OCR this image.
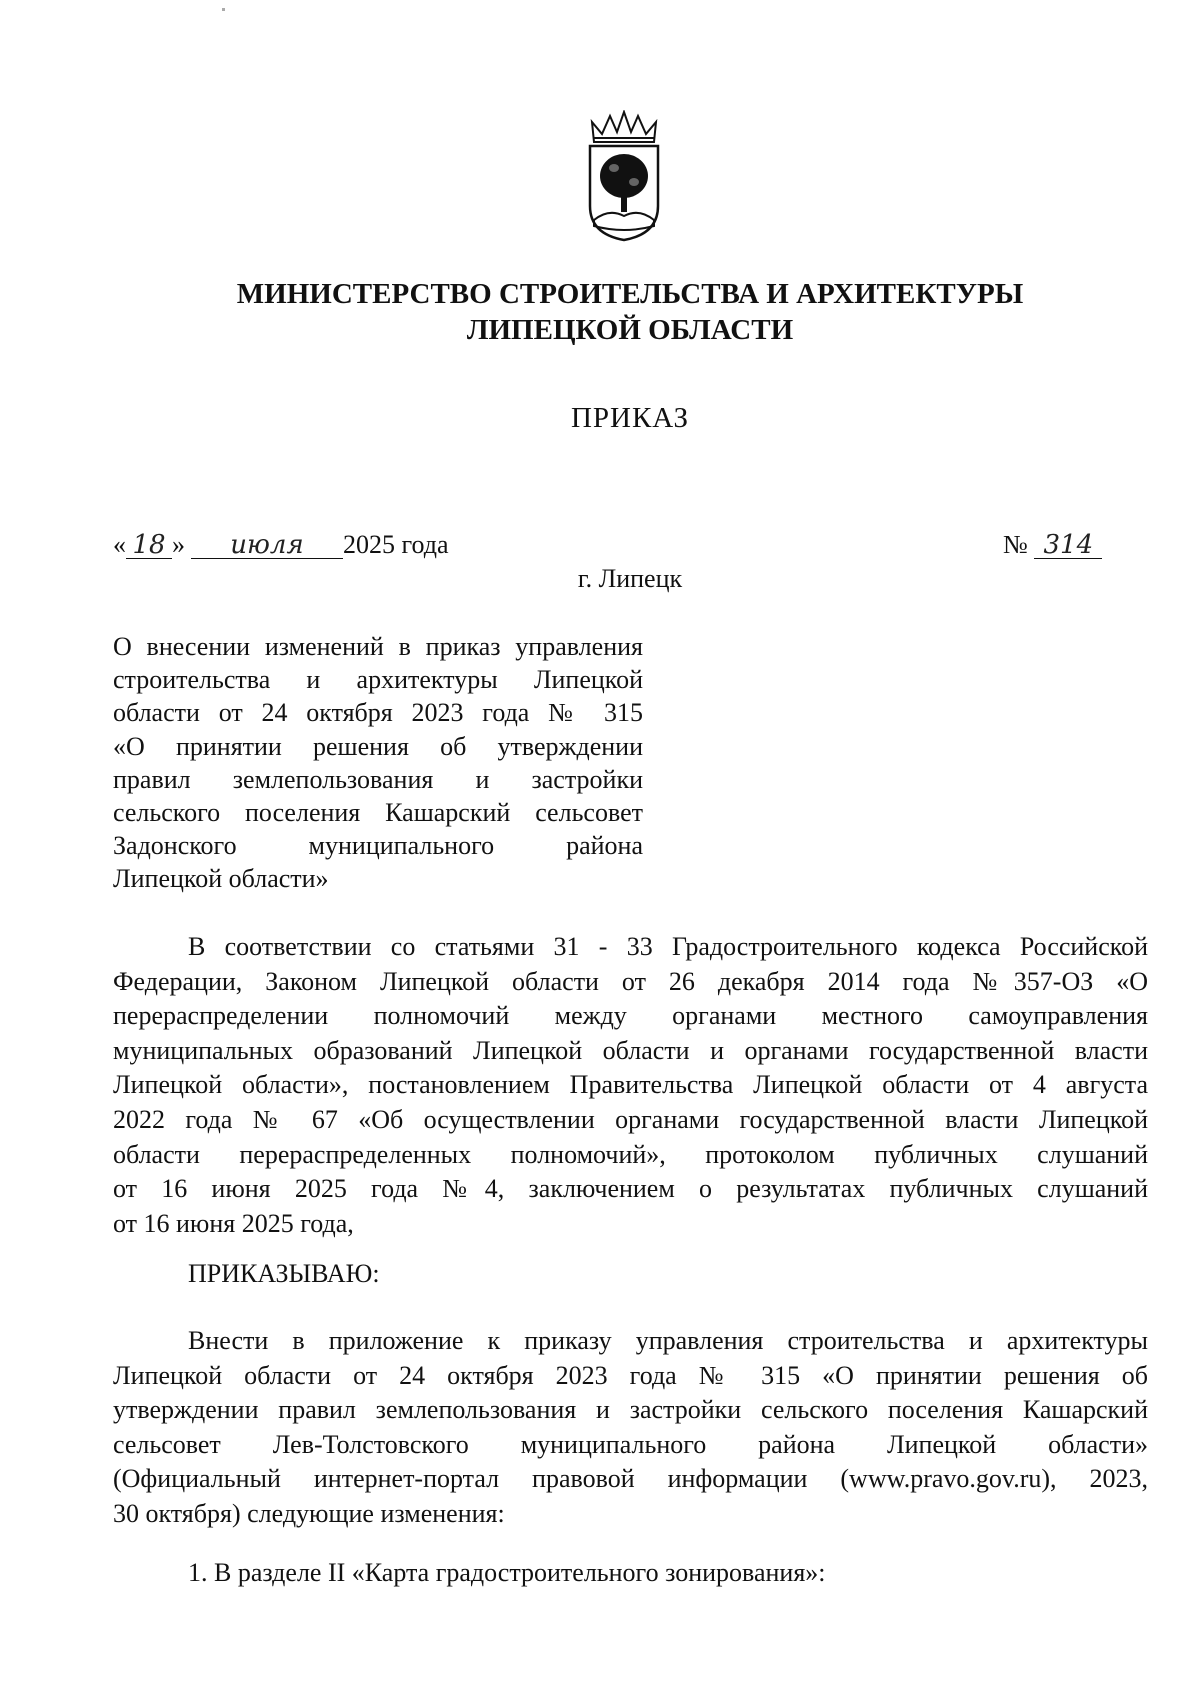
МИНИСТЕРСТВО СТРОИТЕЛЬСТВА И АРХИТЕКТУРЫ
ЛИПЕЦКОЙ ОБЛАСТИ
ПРИКАЗ
« 18 » июля 2025 года	№ 314
г. Липецк
О внесении изменений в приказ управления
строительства и архитектуры Липецкой
области от 24 октября 2023 года № 315
«О принятии решения об утверждении
правил землепользования и застройки
сельского поселения Кашарский сельсовет
Задонского муниципального района
Липецкой области»
В соответствии со статьями 31 - 33 Градостроительного кодекса Российской
Федерации, Законом Липецкой области от 26 декабря 2014 года №357-ОЗ «О
перераспределении полномочий между органами местного самоуправления
муниципальных образований Липецкой области и органами государственной власти
Липецкой области», постановлением Правительства Липецкой области от 4 августа
2022 года № 67 «Об осуществлении органами государственной власти Липецкой
области перераспределенных полномочий», протоколом публичных слушаний
от 16 июня 2025 года №4, заключением о результатах публичных слушаний
от 16 июня 2025 года,
ПРИКАЗЫВАЮ:
Внести в приложение к приказу управления строительства и архитектуры
Липецкой области от 24 октября 2023 года № 315 «О принятии решения об
утверждении правил землепользования и застройки сельского поселения Кашарский
сельсовет Лев-Толстовского муниципального района Липецкой области»
(Официальный интернет-портал правовой информации (www.pravo.gov.ru), 2023,
30 октября) следующие изменения:
1. В разделе II «Карта градостроительного зонирования»:
